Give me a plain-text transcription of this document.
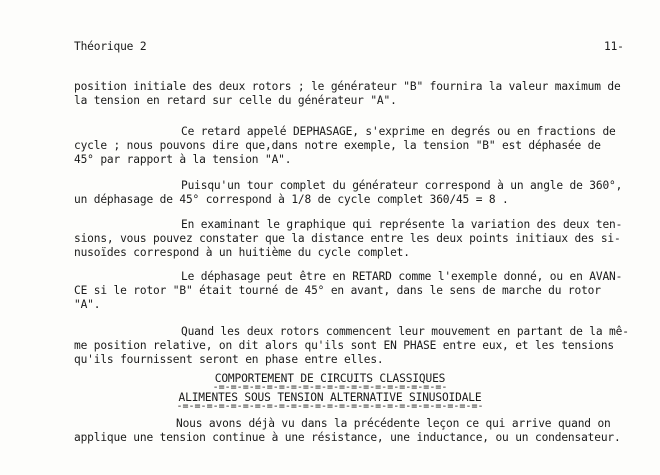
Théorique 2	11-
position initiale des deux rotors ; le générateur "B" fournira la valeur maximum de
la tension en retard sur celle du générateur "A".
Ce retard appelé DEPHASAGE, s'exprime en degrés ou en fractions de
cycle ; nous pouvons dire que,dans notre exemple, la tension "B" est déphasée de
45° par rapport à la tension "A".
Puisqu'un tour complet du générateur correspond à un angle de 360°,
un déphasage de 45° correspond à 1/8 de cycle complet 360/45 = 8 .
En examinant le graphique qui représente la variation des deux ten-
sions, vous pouvez constater que la distance entre les deux points initiaux des si-
nusoïdes correspond à un huitième du cycle complet.
Le déphasage peut être en RETARD comme l'exemple donné, ou en AVAN-
CE si le rotor "B" était tourné de 45° en avant, dans le sens de marche du rotor
"A".
Quand les deux rotors commencent leur mouvement en partant de la mê-
me position relative, on dit alors qu'ils sont EN PHASE entre eux, et les tensions
qu'ils fournissent seront en phase entre elles.
COMPORTEMENT DE CIRCUITS CLASSIQUES
-=-=-=-=-=-=-=-=-=-=-=-=-=-=-=-=-=-=-=-
ALIMENTES SOUS TENSION ALTERNATIVE SINUSOIDALE
-=-=-=-=-=-=-=-=-=-=-=-=-=-=-=-=-=-=-=-=-=-=-=-=-=-
Nous avons déjà vu dans la précédente leçon ce qui arrive quand on
applique une tension continue à une résistance, une inductance, ou un condensateur.
